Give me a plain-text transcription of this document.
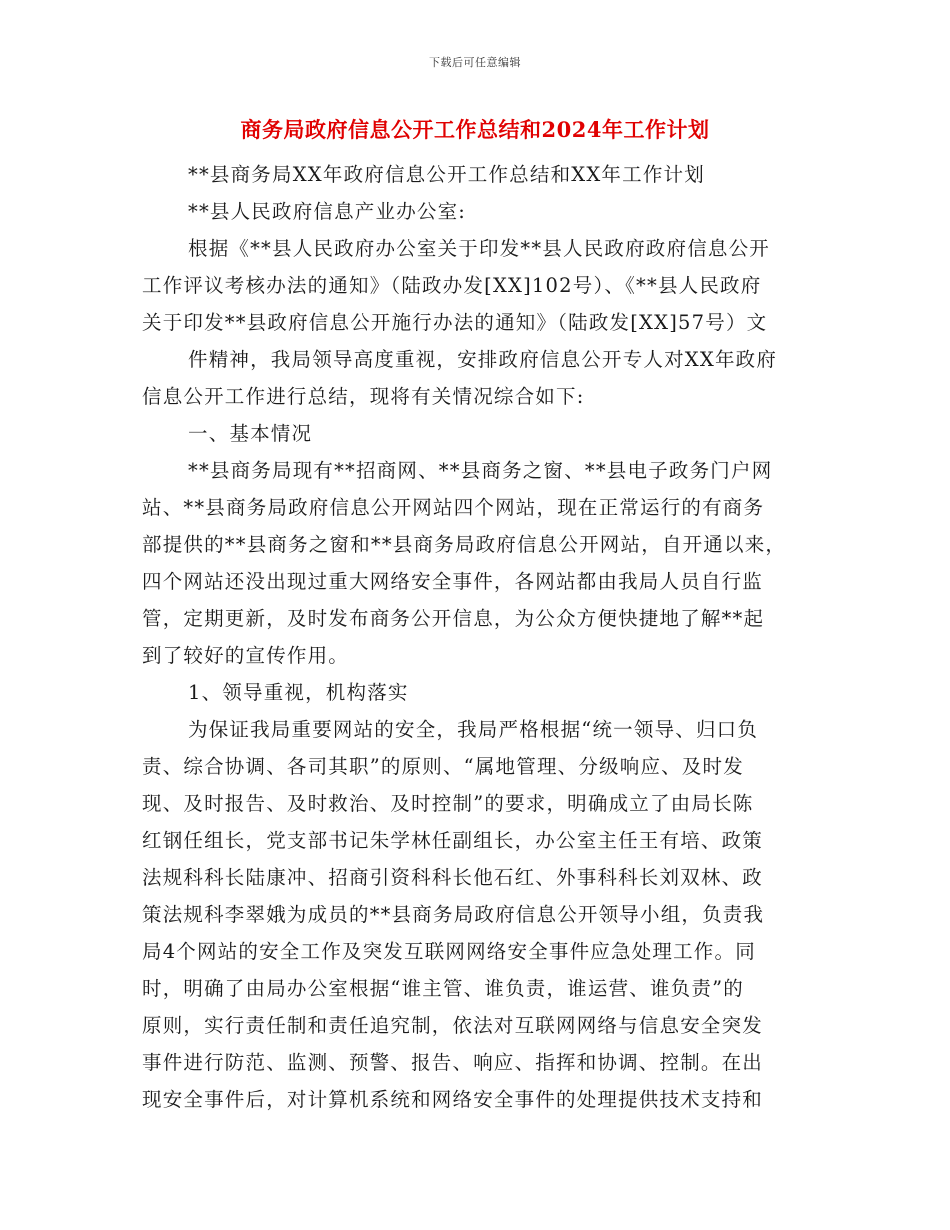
下载后可任意编辑
商务局政府信息公开工作总结和2024年工作计划
**县商务局XX年政府信息公开工作总结和XX年工作计划
**县人民政府信息产业办公室:
根据《**县人民政府办公室关于印发**县人民政府政府信息公开
工作评议考核办法的通知》（陆政办发[XX]102号）、《**县人民政府
关于印发**县政府信息公开施行办法的通知》（陆政发[XX]57号）文
件精神，我局领导高度重视，安排政府信息公开专人对XX年政府
信息公开工作进行总结，现将有关情况综合如下:
一、基本情况
**县商务局现有**招商网、**县商务之窗、**县电子政务门户网
站、**县商务局政府信息公开网站四个网站，现在正常运行的有商务
部提供的**县商务之窗和**县商务局政府信息公开网站，自开通以来，
四个网站还没出现过重大网络安全事件，各网站都由我局人员自行监
管，定期更新，及时发布商务公开信息，为公众方便快捷地了解**起
到了较好的宣传作用。
1、领导重视，机构落实
为保证我局重要网站的安全，我局严格根据“统一领导、归口负
责、综合协调、各司其职”的原则、“属地管理、分级响应、及时发
现、及时报告、及时救治、及时控制”的要求，明确成立了由局长陈
红钢任组长，党支部书记朱学林任副组长，办公室主任王有培、政策
法规科科长陆康冲、招商引资科科长他石红、外事科科长刘双林、政
策法规科李翠娥为成员的**县商务局政府信息公开领导小组，负责我
局4个网站的安全工作及突发互联网网络安全事件应急处理工作。同
时，明确了由局办公室根据“谁主管、谁负责，谁运营、谁负责”的
原则，实行责任制和责任追究制，依法对互联网网络与信息安全突发
事件进行防范、监测、预警、报告、响应、指挥和协调、控制。在出
现安全事件后，对计算机系统和网络安全事件的处理提供技术支持和
